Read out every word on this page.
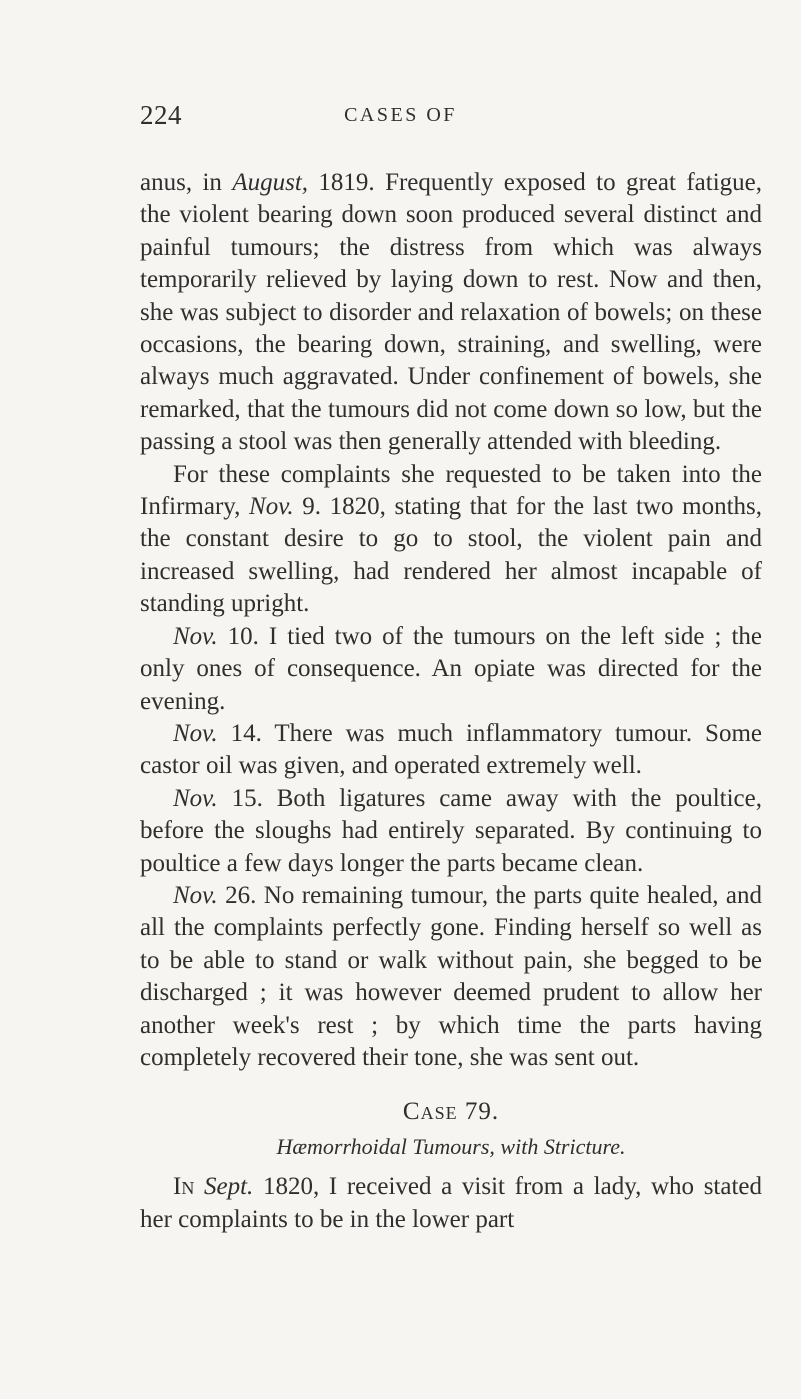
224	CASES OF

anus, in August, 1819. Frequently exposed to great fatigue, the violent bearing down soon produced several distinct and painful tumours; the distress from which was always temporarily relieved by laying down to rest. Now and then, she was subject to disorder and relaxation of bowels; on these occasions, the bearing down, straining, and swelling, were always much aggravated. Under confinement of bowels, she remarked, that the tumours did not come down so low, but the passing a stool was then generally attended with bleeding.

For these complaints she requested to be taken into the Infirmary, Nov. 9. 1820, stating that for the last two months, the constant desire to go to stool, the violent pain and increased swelling, had rendered her almost incapable of standing upright.

Nov. 10. I tied two of the tumours on the left side ; the only ones of consequence. An opiate was directed for the evening.

Nov. 14. There was much inflammatory tumour. Some castor oil was given, and operated extremely well.

Nov. 15. Both ligatures came away with the poultice, before the sloughs had entirely separated. By continuing to poultice a few days longer the parts became clean.

Nov. 26. No remaining tumour, the parts quite healed, and all the complaints perfectly gone. Finding herself so well as to be able to stand or walk without pain, she begged to be discharged ; it was however deemed prudent to allow her another week's rest ; by which time the parts having completely recovered their tone, she was sent out.

Case 79.
Hæmorrhoidal Tumours, with Stricture.

In Sept. 1820, I received a visit from a lady, who stated her complaints to be in the lower part
